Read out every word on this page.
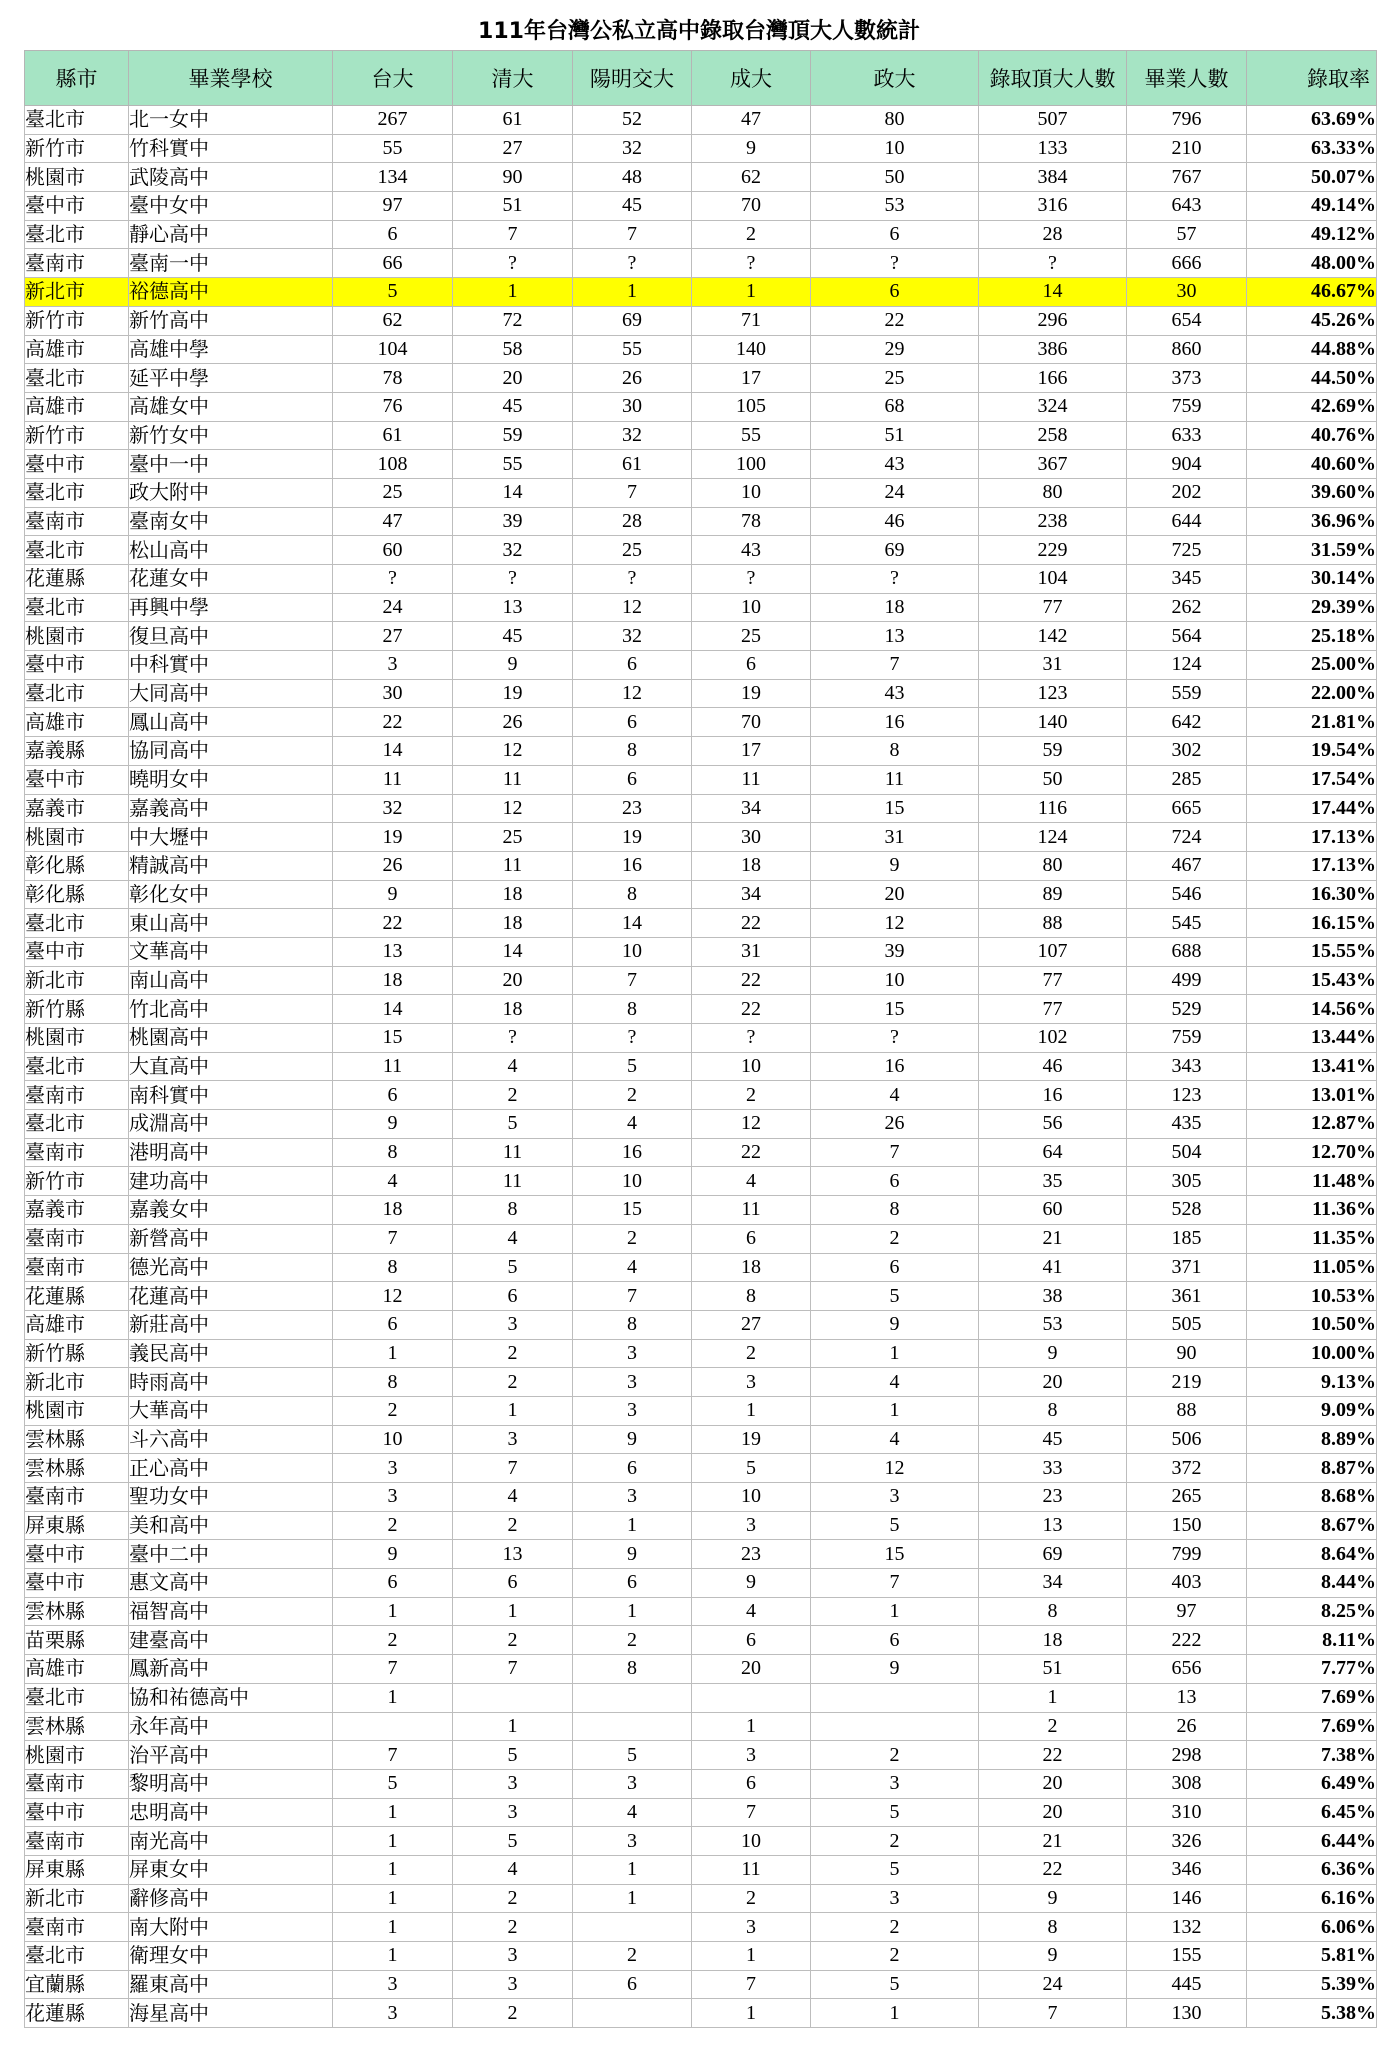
111年台灣公私立高中錄取台灣頂大人數統計
縣市	畢業學校	台大	清大	陽明交大	成大	政大	錄取頂大人數	畢業人數	錄取率
臺北市	北一女中	267	61	52	47	80	507	796	63.69%
新竹市	竹科實中	55	27	32	9	10	133	210	63.33%
桃園市	武陵高中	134	90	48	62	50	384	767	50.07%
臺中市	臺中女中	97	51	45	70	53	316	643	49.14%
臺北市	靜心高中	6	7	7	2	6	28	57	49.12%
臺南市	臺南一中	66	?	?	?	?	?	666	48.00%
新北市	裕德高中	5	1	1	1	6	14	30	46.67%
新竹市	新竹高中	62	72	69	71	22	296	654	45.26%
高雄市	高雄中學	104	58	55	140	29	386	860	44.88%
臺北市	延平中學	78	20	26	17	25	166	373	44.50%
高雄市	高雄女中	76	45	30	105	68	324	759	42.69%
新竹市	新竹女中	61	59	32	55	51	258	633	40.76%
臺中市	臺中一中	108	55	61	100	43	367	904	40.60%
臺北市	政大附中	25	14	7	10	24	80	202	39.60%
臺南市	臺南女中	47	39	28	78	46	238	644	36.96%
臺北市	松山高中	60	32	25	43	69	229	725	31.59%
花蓮縣	花蓮女中	?	?	?	?	?	104	345	30.14%
臺北市	再興中學	24	13	12	10	18	77	262	29.39%
桃園市	復旦高中	27	45	32	25	13	142	564	25.18%
臺中市	中科實中	3	9	6	6	7	31	124	25.00%
臺北市	大同高中	30	19	12	19	43	123	559	22.00%
高雄市	鳳山高中	22	26	6	70	16	140	642	21.81%
嘉義縣	協同高中	14	12	8	17	8	59	302	19.54%
臺中市	曉明女中	11	11	6	11	11	50	285	17.54%
嘉義市	嘉義高中	32	12	23	34	15	116	665	17.44%
桃園市	中大壢中	19	25	19	30	31	124	724	17.13%
彰化縣	精誠高中	26	11	16	18	9	80	467	17.13%
彰化縣	彰化女中	9	18	8	34	20	89	546	16.30%
臺北市	東山高中	22	18	14	22	12	88	545	16.15%
臺中市	文華高中	13	14	10	31	39	107	688	15.55%
新北市	南山高中	18	20	7	22	10	77	499	15.43%
新竹縣	竹北高中	14	18	8	22	15	77	529	14.56%
桃園市	桃園高中	15	?	?	?	?	102	759	13.44%
臺北市	大直高中	11	4	5	10	16	46	343	13.41%
臺南市	南科實中	6	2	2	2	4	16	123	13.01%
臺北市	成淵高中	9	5	4	12	26	56	435	12.87%
臺南市	港明高中	8	11	16	22	7	64	504	12.70%
新竹市	建功高中	4	11	10	4	6	35	305	11.48%
嘉義市	嘉義女中	18	8	15	11	8	60	528	11.36%
臺南市	新營高中	7	4	2	6	2	21	185	11.35%
臺南市	德光高中	8	5	4	18	6	41	371	11.05%
花蓮縣	花蓮高中	12	6	7	8	5	38	361	10.53%
高雄市	新莊高中	6	3	8	27	9	53	505	10.50%
新竹縣	義民高中	1	2	3	2	1	9	90	10.00%
新北市	時雨高中	8	2	3	3	4	20	219	9.13%
桃園市	大華高中	2	1	3	1	1	8	88	9.09%
雲林縣	斗六高中	10	3	9	19	4	45	506	8.89%
雲林縣	正心高中	3	7	6	5	12	33	372	8.87%
臺南市	聖功女中	3	4	3	10	3	23	265	8.68%
屏東縣	美和高中	2	2	1	3	5	13	150	8.67%
臺中市	臺中二中	9	13	9	23	15	69	799	8.64%
臺中市	惠文高中	6	6	6	9	7	34	403	8.44%
雲林縣	福智高中	1	1	1	4	1	8	97	8.25%
苗栗縣	建臺高中	2	2	2	6	6	18	222	8.11%
高雄市	鳳新高中	7	7	8	20	9	51	656	7.77%
臺北市	協和祐德高中	1					1	13	7.69%
雲林縣	永年高中		1		1		2	26	7.69%
桃園市	治平高中	7	5	5	3	2	22	298	7.38%
臺南市	黎明高中	5	3	3	6	3	20	308	6.49%
臺中市	忠明高中	1	3	4	7	5	20	310	6.45%
臺南市	南光高中	1	5	3	10	2	21	326	6.44%
屏東縣	屏東女中	1	4	1	11	5	22	346	6.36%
新北市	辭修高中	1	2	1	2	3	9	146	6.16%
臺南市	南大附中	1	2		3	2	8	132	6.06%
臺北市	衛理女中	1	3	2	1	2	9	155	5.81%
宜蘭縣	羅東高中	3	3	6	7	5	24	445	5.39%
花蓮縣	海星高中	3	2		1	1	7	130	5.38%
